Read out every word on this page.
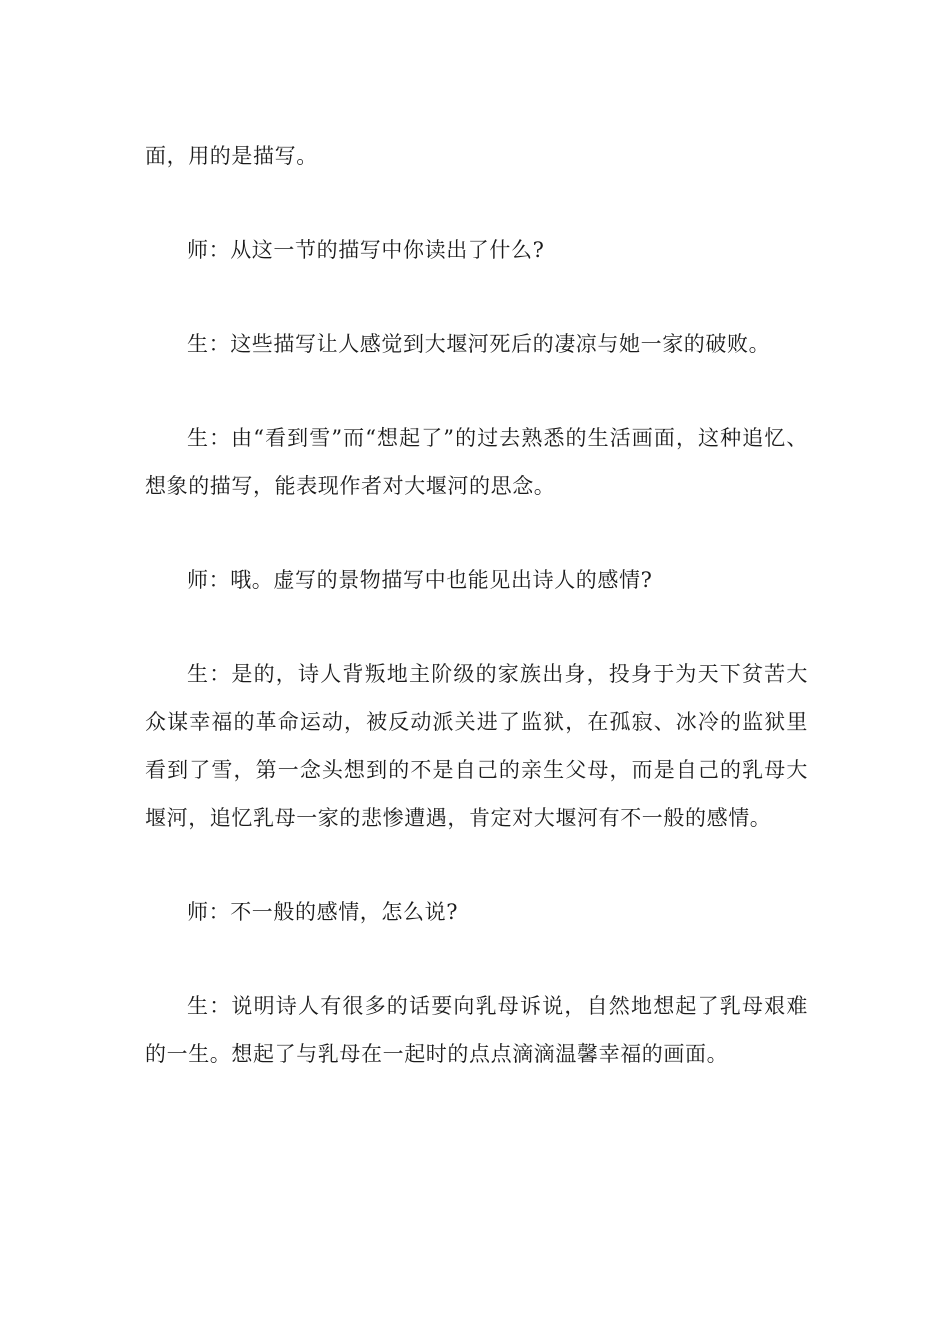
面，用的是描写。

师：从这一节的描写中你读出了什么?

生：这些描写让人感觉到大堰河死后的凄凉与她一家的破败。

生：由“看到雪”而“想起了”的过去熟悉的生活画面，这种追忆、想象的描写，能表现作者对大堰河的思念。

师：哦。虚写的景物描写中也能见出诗人的感情?

生：是的，诗人背叛地主阶级的家族出身，投身于为天下贫苦大众谋幸福的革命运动，被反动派关进了监狱，在孤寂、冰冷的监狱里看到了雪，第一念头想到的不是自己的亲生父母，而是自己的乳母大堰河，追忆乳母一家的悲惨遭遇，肯定对大堰河有不一般的感情。

师：不一般的感情，怎么说?

生：说明诗人有很多的话要向乳母诉说，自然地想起了乳母艰难的一生。想起了与乳母在一起时的点点滴滴温馨幸福的画面。
